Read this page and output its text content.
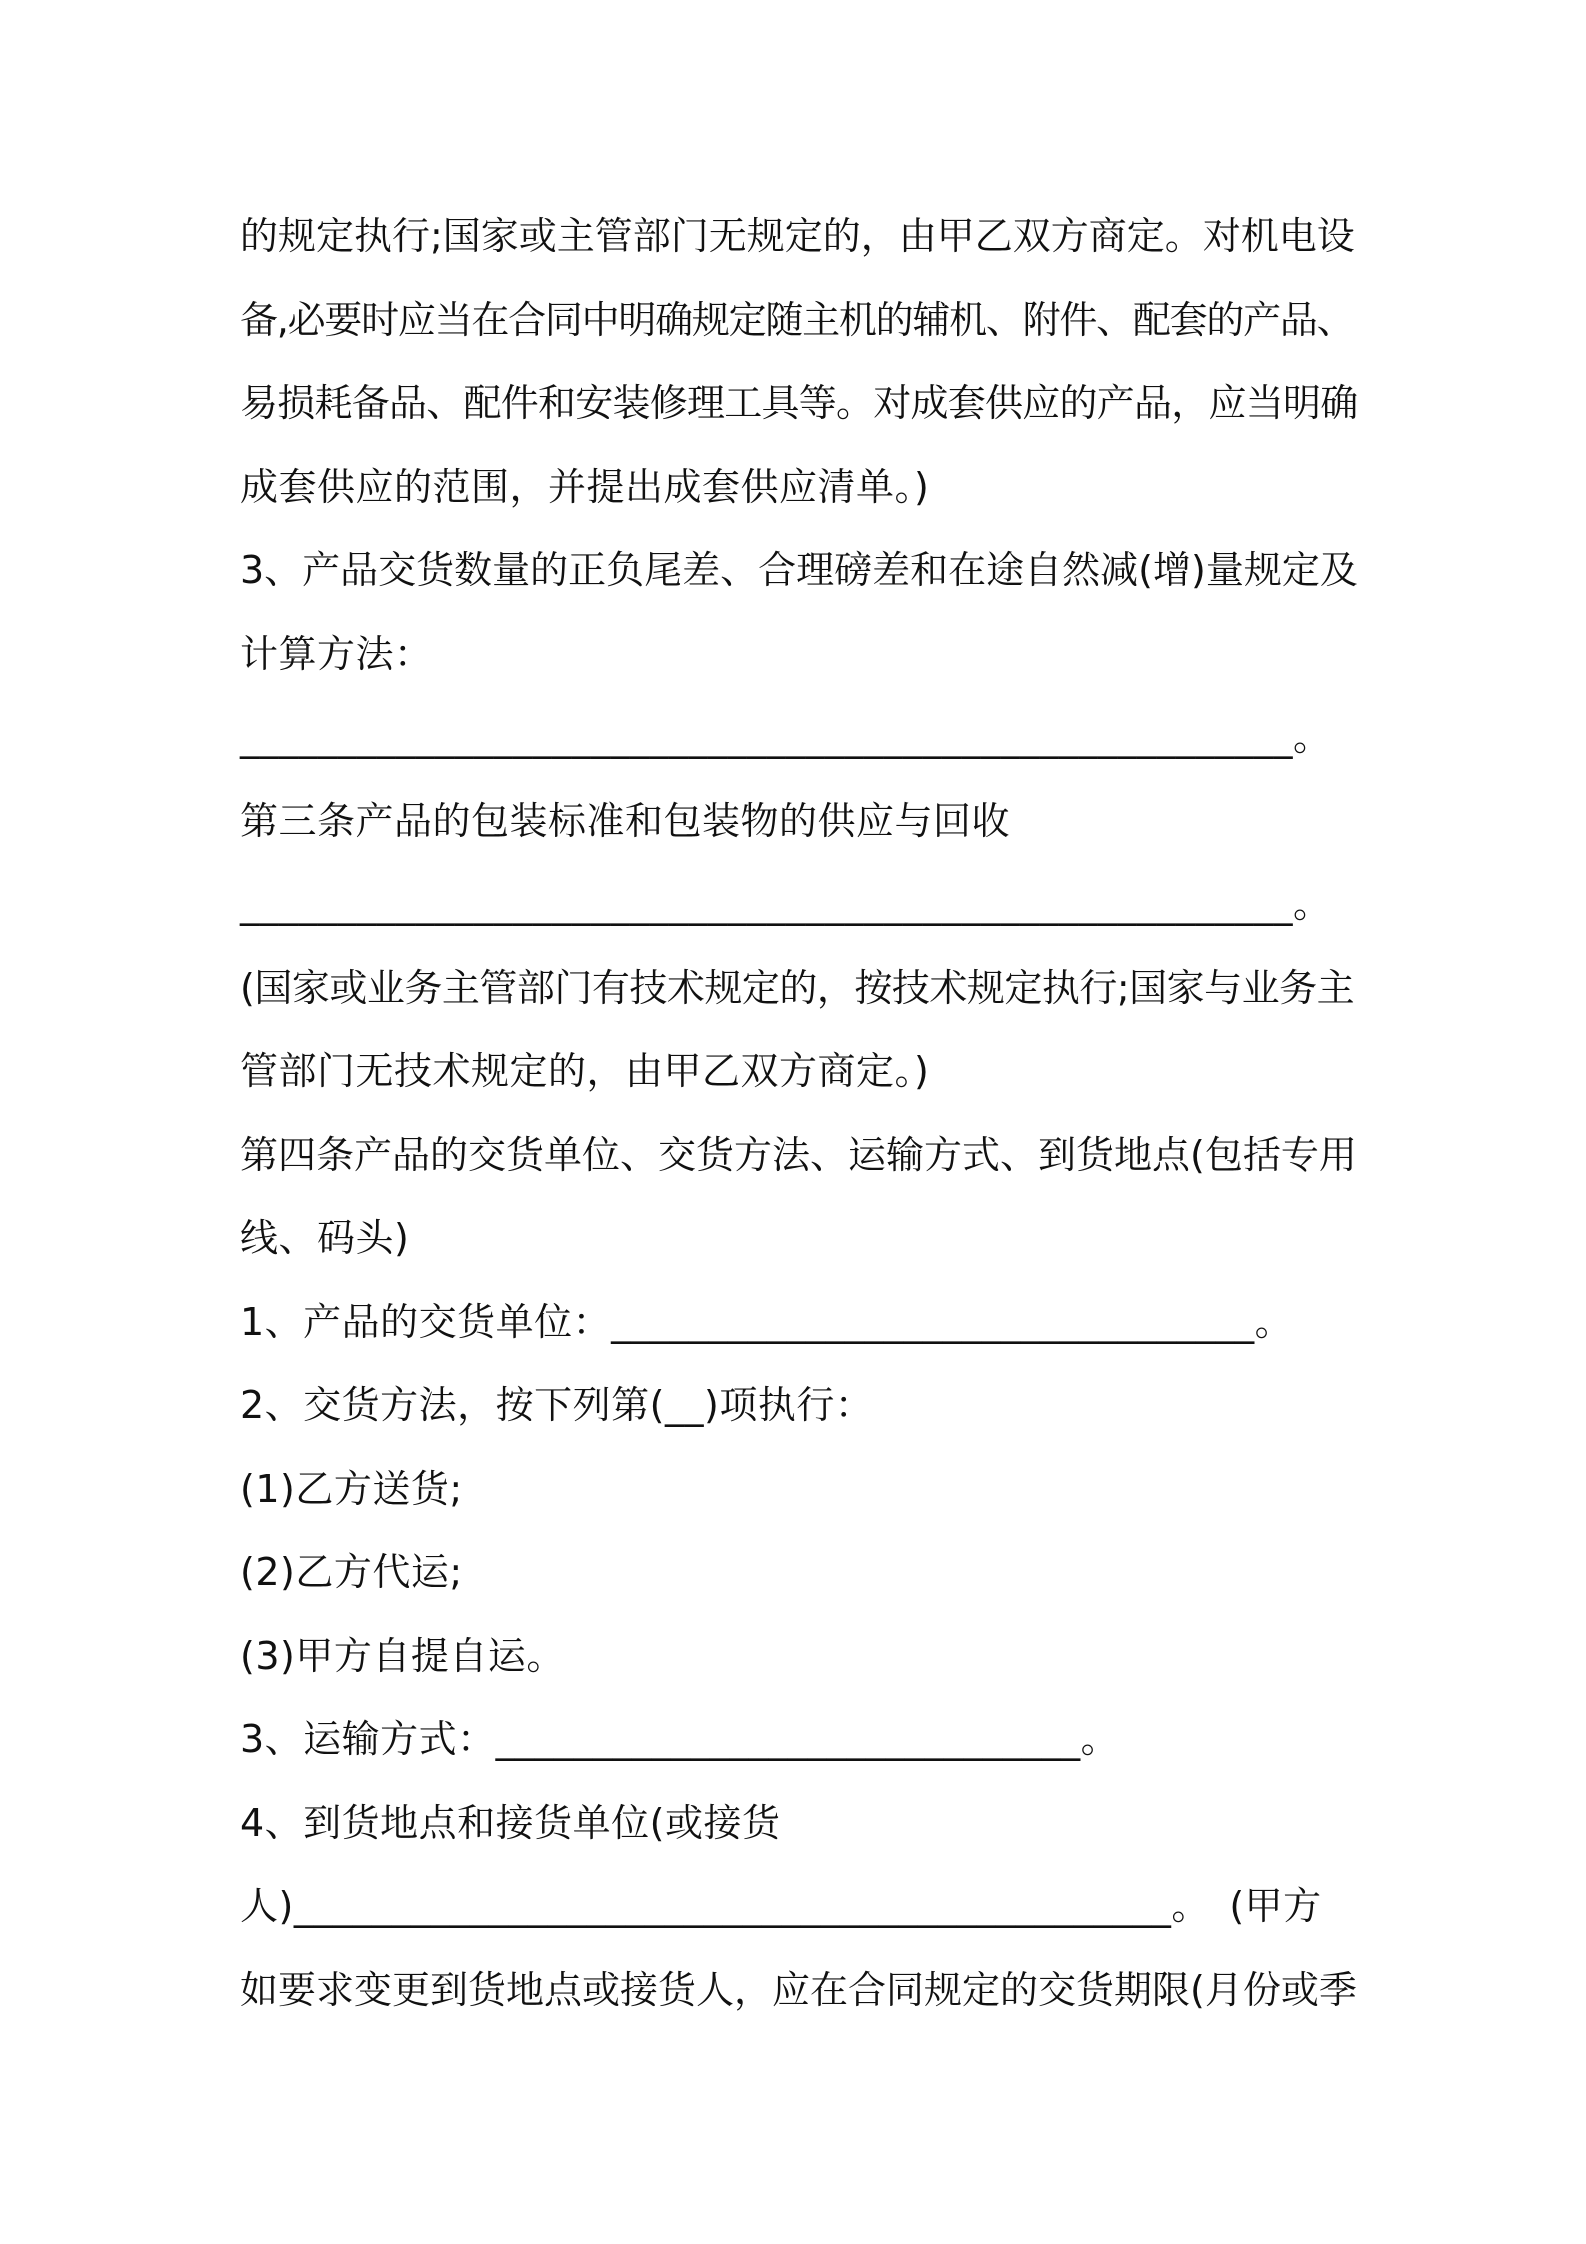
的规定执行;国家或主管部门无规定的，由甲乙双方商定。对机电设
备,必要时应当在合同中明确规定随主机的辅机、附件、配套的产品、
易损耗备品、配件和安装修理工具等。对成套供应的产品，应当明确
成套供应的范围，并提出成套供应清单。)
3、产品交货数量的正负尾差、合理磅差和在途自然减(增)量规定及
计算方法：
______________________________________________________。
第三条产品的包装标准和包装物的供应与回收
______________________________________________________。
(国家或业务主管部门有技术规定的，按技术规定执行;国家与业务主
管部门无技术规定的，由甲乙双方商定。)
第四条产品的交货单位、交货方法、运输方式、到货地点(包括专用
线、码头)
1、产品的交货单位：_________________________________。
2、交货方法，按下列第(__)项执行：
(1)乙方送货;
(2)乙方代运;
(3)甲方自提自运。
3、运输方式：______________________________。
4、到货地点和接货单位(或接货
人)_____________________________________________。　(甲方
如要求变更到货地点或接货人，应在合同规定的交货期限(月份或季
